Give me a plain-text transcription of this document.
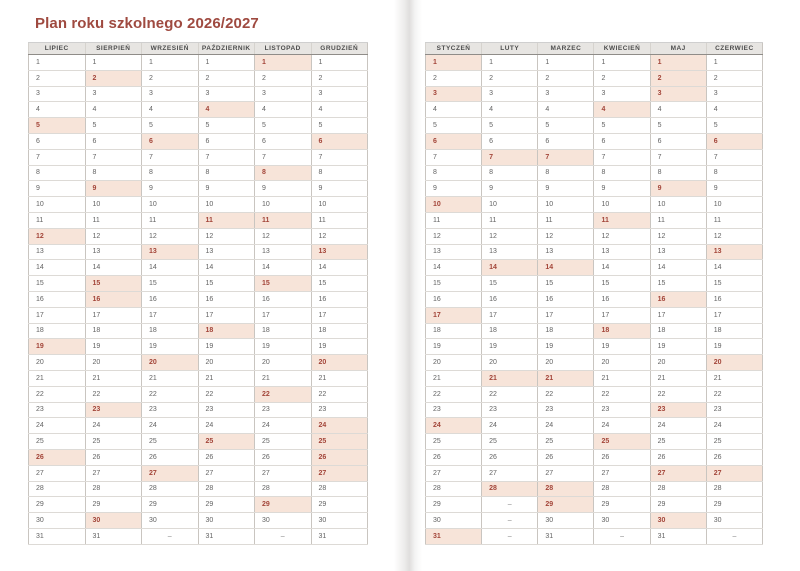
Plan roku szkolnego 2026/2027
LIPIEC	SIERPIEŃ	WRZESIEŃ	PAŹDZIERNIK	LISTOPAD	GRUDZIEŃ
1	1	1	1	1	1
2	2	2	2	2	2
3	3	3	3	3	3
4	4	4	4	4	4
5	5	5	5	5	5
6	6	6	6	6	6
7	7	7	7	7	7
8	8	8	8	8	8
9	9	9	9	9	9
10	10	10	10	10	10
11	11	11	11	11	11
12	12	12	12	12	12
13	13	13	13	13	13
14	14	14	14	14	14
15	15	15	15	15	15
16	16	16	16	16	16
17	17	17	17	17	17
18	18	18	18	18	18
19	19	19	19	19	19
20	20	20	20	20	20
21	21	21	21	21	21
22	22	22	22	22	22
23	23	23	23	23	23
24	24	24	24	24	24
25	25	25	25	25	25
26	26	26	26	26	26
27	27	27	27	27	27
28	28	28	28	28	28
29	29	29	29	29	29
30	30	30	30	30	30
31	31	–	31	–	31
STYCZEŃ	LUTY	MARZEC	KWIECIEŃ	MAJ	CZERWIEC
1	1	1	1	1	1
2	2	2	2	2	2
3	3	3	3	3	3
4	4	4	4	4	4
5	5	5	5	5	5
6	6	6	6	6	6
7	7	7	7	7	7
8	8	8	8	8	8
9	9	9	9	9	9
10	10	10	10	10	10
11	11	11	11	11	11
12	12	12	12	12	12
13	13	13	13	13	13
14	14	14	14	14	14
15	15	15	15	15	15
16	16	16	16	16	16
17	17	17	17	17	17
18	18	18	18	18	18
19	19	19	19	19	19
20	20	20	20	20	20
21	21	21	21	21	21
22	22	22	22	22	22
23	23	23	23	23	23
24	24	24	24	24	24
25	25	25	25	25	25
26	26	26	26	26	26
27	27	27	27	27	27
28	28	28	28	28	28
29	–	29	29	29	29
30	–	30	30	30	30
31	–	31	–	31	–
